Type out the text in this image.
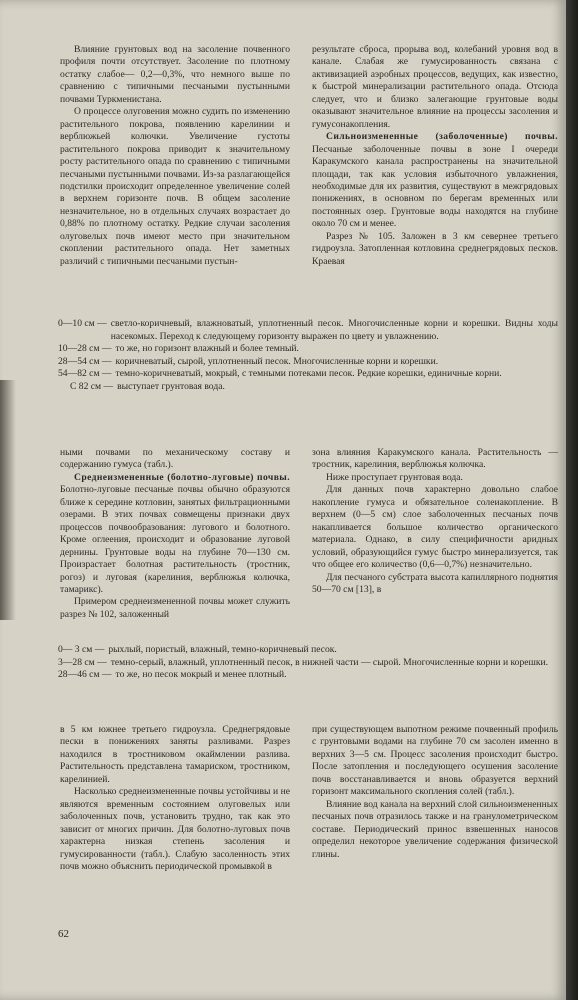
Влияние грунтовых вод на засоление почвенного профиля почти отсутствует. Засоление по плотному остатку слабое— 0,2—0,3%, что немного выше по сравнению с типичными песчаными пустынными почвами Туркменистана.

О процессе олуговения можно судить по изменению растительного покрова, появлению карелинии и верблюжьей колючки. Увеличение густоты растительного покрова приводит к значительному росту растительного опада по сравнению с типичными песчаными пустынными почвами. Из-за разлагающейся подстилки происходит определенное увеличение солей в верхнем горизонте почв. В общем засоление незначительное, но в отдельных случаях возрастает до 0,88% по плотному остатку. Редкие случаи засоления олуговелых почв имеют место при значительном скоплении растительного опада. Нет заметных различий с типичными песчаными пустын-

результате сброса, прорыва вод, колебаний уровня вод в канале. Слабая же гумусированность связана с активизацией аэробных процессов, ведущих, как известно, к быстрой минерализации растительного опада. Отсюда следует, что и близко залегающие грунтовые воды оказывают значительное влияние на процессы засоления и гумусонакопления.

Сильноизмененные (заболоченные) почвы. Песчаные заболоченные почвы в зоне I очереди Каракумского канала распространены на значительной площади, так как условия избыточного увлажнения, необходимые для их развития, существуют в межгрядовых понижениях, в основном по берегам временных или постоянных озер. Грунтовые воды находятся на глубине около 70 см и менее.

Разрез № 105. Заложен в 3 км севернее третьего гидроузла. Затопленная котловина среднегрядовых песков. Краевая

0—10 см — светло-коричневый, влажноватый, уплотненный песок. Многочисленные корни и корешки. Видны ходы насекомых. Переход к следующему горизонту выражен по цвету и увлажнению.
10—28 см — то же, но горизонт влажный и более темный.
28—54 см — коричневатый, сырой, уплотненный песок. Многочисленные корни и корешки.
54—82 см — темно-коричневатый, мокрый, с темными потеками песок. Редкие корешки, единичные корни.
С 82 см — выступает грунтовая вода.

ными почвами по механическому составу и содержанию гумуса (табл.).

Среднеизмененные (болотно-луговые) почвы. Болотно-луговые песчаные почвы обычно образуются ближе к середине котловин, занятых фильтрационными озерами. В этих почвах совмещены признаки двух процессов почвообразования: лугового и болотного. Кроме оглеения, происходит и образование луговой дернины. Грунтовые воды на глубине 70—130 см. Произрастает болотная растительность (тростник, рогоз) и луговая (карелиния, верблюжья колючка, тамарикс).

Примером среднеизмененной почвы может служить разрез № 102, заложенный

зона влияния Каракумского канала. Растительность — тростник, карелиния, верблюжья колючка.

Ниже проступает грунтовая вода.

Для данных почв характерно довольно слабое накопление гумуса и обязательное солеиакопление. В верхнем (0—5 см) слое заболоченных песчаных почв накапливается большое количество органического материала. Однако, в силу специфичности аридных условий, образующийся гумус быстро минерализуется, так что общее его количество (0,6—0,7%) незначительно.

Для песчаного субстрата высота капиллярного поднятия 50—70 см [13], в

0— 3 см — рыхлый, пористый, влажный, темно-коричневый песок.
3—28 см — темно-серый, влажный, уплотненный песок, в нижней части — сырой. Многочисленные корни и корешки.
28—46 см — то же, но песок мокрый и менее плотный.

в 5 км южнее третьего гидроузла. Среднегрядовые пески в понижениях заняты разливами. Разрез находился в тростниковом окаймлении разлива. Растительность представлена тамариском, тростником, карелинией.

Насколько среднеизмененные почвы устойчивы и не являются временным состоянием олуговелых или заболоченных почв, установить трудно, так как это зависит от многих причин. Для болотно-луговых почв характерна низкая степень засоления и гумусированности (табл.). Слабую засоленность этих почв можно объяснить периодической промывкой в

при существующем выпотном режиме почвенный профиль с грунтовыми водами на глубине 70 см засолен именно в верхних 3—5 см. Процесс засоления происходит быстро. После затопления и последующего осушения засоление почв восстанавливается и вновь образуется верхний горизонт максимального скопления солей (табл.).

Влияние вод канала на верхний слой сильноизмененных песчаных почв отразилось также и на гранулометрическом составе. Периодический принос взвешенных наносов определил некоторое увеличение содержания физической глины.

62
